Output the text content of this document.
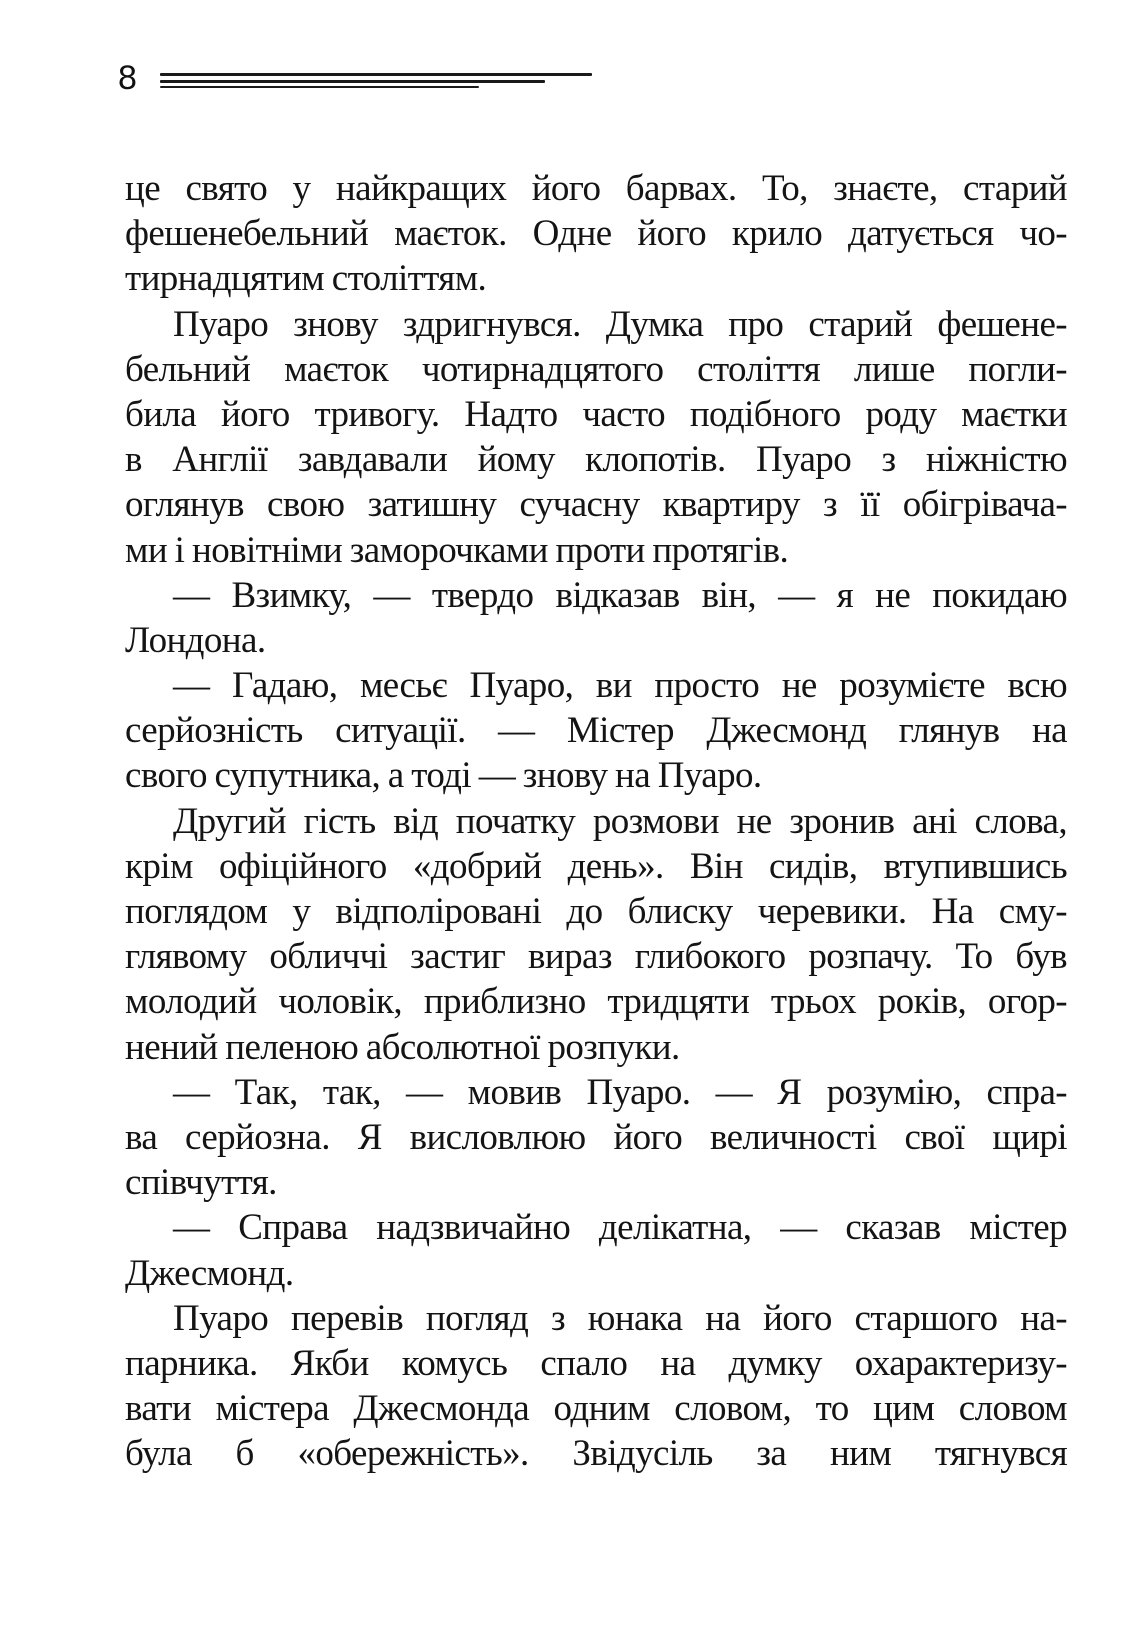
8
це свято у найкращих його барвах. То, знаєте, старий
фешенебельний маєток. Одне його крило датується чо-
тирнадцятим століттям.
Пуаро знову здригнувся. Думка про старий фешене-
бельний маєток чотирнадцятого століття лише погли-
била його тривогу. Надто часто подібного роду маєтки
в Англії завдавали йому клопотів. Пуаро з ніжністю
оглянув свою затишну сучасну квартиру з її обігрівача-
ми і новітніми заморочками проти протягів.
— Взимку, — твердо відказав він, — я не покидаю
Лондона.
— Гадаю, месьє Пуаро, ви просто не розумієте всю
серйозність ситуації. — Містер Джесмонд глянув на
свого супутника, а тоді — знову на Пуаро.
Другий гість від початку розмови не зронив ані слова,
крім офіційного «добрий день». Він сидів, втупившись
поглядом у відполіровані до блиску черевики. На сму-
глявому обличчі застиг вираз глибокого розпачу. То був
молодий чоловік, приблизно тридцяти трьох років, огор-
нений пеленою абсолютної розпуки.
— Так, так, — мовив Пуаро. — Я розумію, спра-
ва серйозна. Я висловлюю його величності свої щирі
співчуття.
— Справа надзвичайно делікатна, — сказав містер
Джесмонд.
Пуаро перевів погляд з юнака на його старшого на-
парника. Якби комусь спало на думку охарактеризу-
вати містера Джесмонда одним словом, то цим словом
була б «обережність». Звідусіль за ним тягнувся
